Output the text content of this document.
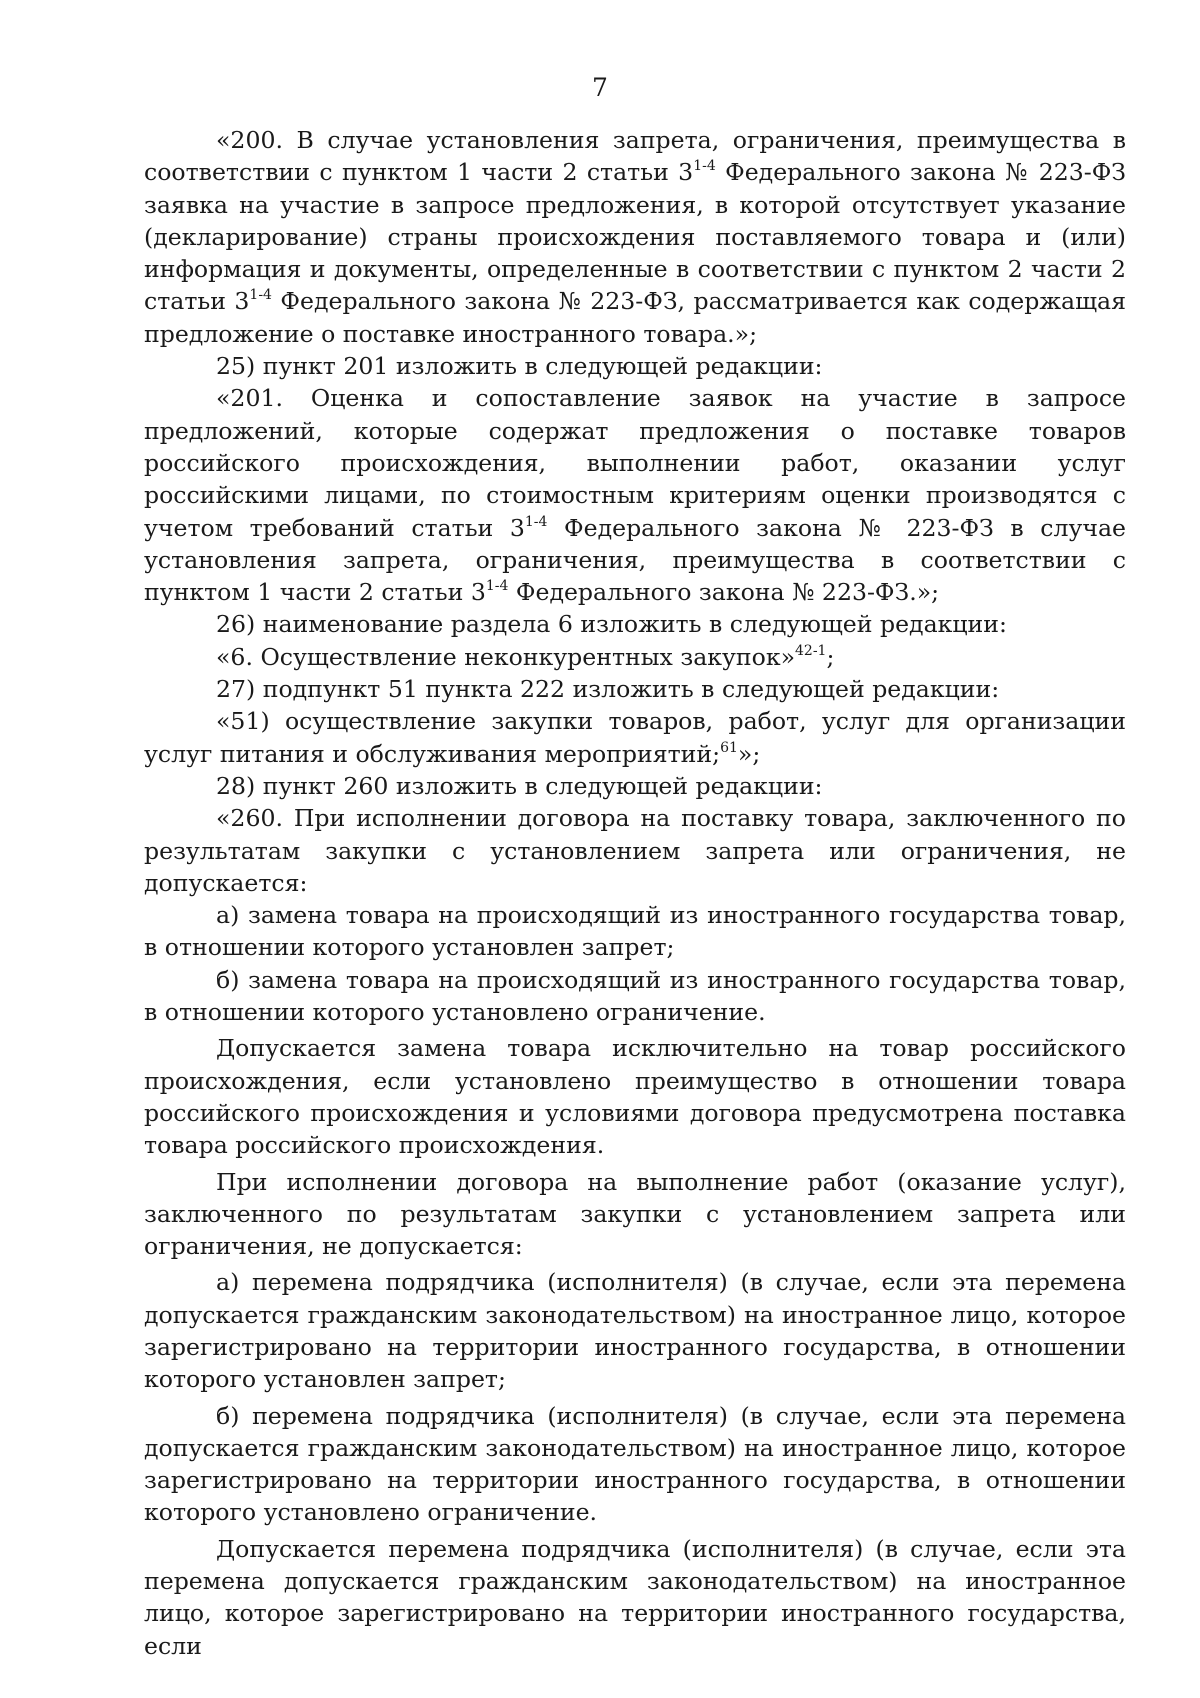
7

«200. В случае установления запрета, ограничения, преимущества в соответствии с пунктом 1 части 2 статьи 3$^{1-4}$ Федерального закона № 223-ФЗ заявка на участие в запросе предложения, в которой отсутствует указание (декларирование) страны происхождения поставляемого товара и (или) информация и документы, определенные в соответствии с пунктом 2 части 2 статьи 3$^{1-4}$ Федерального закона № 223-ФЗ, рассматривается как содержащая предложение о поставке иностранного товара.»;

25) пункт 201 изложить в следующей редакции:

«201. Оценка и сопоставление заявок на участие в запросе предложений, которые содержат предложения о поставке товаров российского происхождения, выполнении работ, оказании услуг российскими лицами, по стоимостным критериям оценки производятся с учетом требований статьи 3$^{1-4}$ Федерального закона № 223-ФЗ в случае установления запрета, ограничения, преимущества в соответствии с пунктом 1 части 2 статьи 3$^{1-4}$ Федерального закона № 223-ФЗ.»;

26) наименование раздела 6 изложить в следующей редакции:

«6. Осуществление неконкурентных закупок»$^{42-1}$;

27) подпункт 51 пункта 222 изложить в следующей редакции:

«51) осуществление закупки товаров, работ, услуг для организации услуг питания и обслуживания мероприятий;$^{61}$»;

28) пункт 260 изложить в следующей редакции:

«260. При исполнении договора на поставку товара, заключенного по результатам закупки с установлением запрета или ограничения, не допускается:

а) замена товара на происходящий из иностранного государства товар, в отношении которого установлен запрет;

б) замена товара на происходящий из иностранного государства товар, в отношении которого установлено ограничение.

Допускается замена товара исключительно на товар российского происхождения, если установлено преимущество в отношении товара российского происхождения и условиями договора предусмотрена поставка товара российского происхождения.

При исполнении договора на выполнение работ (оказание услуг), заключенного по результатам закупки с установлением запрета или ограничения, не допускается:

а) перемена подрядчика (исполнителя) (в случае, если эта перемена допускается гражданским законодательством) на иностранное лицо, которое зарегистрировано на территории иностранного государства, в отношении которого установлен запрет;

б) перемена подрядчика (исполнителя) (в случае, если эта перемена допускается гражданским законодательством) на иностранное лицо, которое зарегистрировано на территории иностранного государства, в отношении которого установлено ограничение.

Допускается перемена подрядчика (исполнителя) (в случае, если эта перемена допускается гражданским законодательством) на иностранное лицо, которое зарегистрировано на территории иностранного государства, если
